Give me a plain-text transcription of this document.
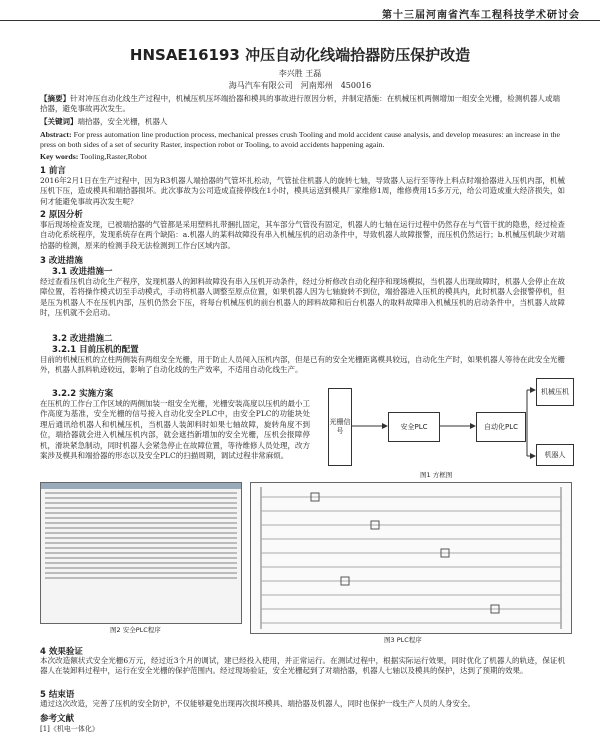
第十三届河南省汽车工程科技学术研讨会
HNSAE16193 冲压自动化线端拾器防压保护改造
李兴胜 王磊
海马汽车有限公司　河南郑州　450016
【摘要】针对冲压自动化线生产过程中，机械压机压坏端拾器和模具的事故进行原因分析，并制定措施：在机械压机两侧增加一组安全光栅，检测机器人或端拾器，避免事故再次发生。
【关键词】端拾器，安全光栅，机器人
Abstract: For press automation line production process, mechanical presses crush Tooling and mold accident cause analysis, and develop measures: an increase in the press on both sides of a set of security Raster, inspection robot or Tooling, to avoid accidents happening again.
Key words: Tooling,Raster,Robot
1 前言
2016年2月1日在生产过程中，因为R3机器人端拾器的气管坏扎松动，气管扯住机器人的旋转七轴，导致器人运行至等待上料点时端拾器进入压机内部，机械压机下压，造成模具和端拾器损坏。此次事故为公司造成直接停线在1小时，模具运送到模具厂家维修1周，维修费用15多万元，给公司造成重大经济损失，如何才能避免事故再次发生呢？
2 原因分析
事后现场检查发现，已被端拾器的气管都是采用塑料扎带捆扎固定，其车部分气管没有固定，机器人的七轴在运行过程中仍然存在与气管干扰的隐患，经过检查自动化系统程序，发现系统存在两个缺陷：a.机器人的某料故障没有串入机械压机的启动条件中，导致机器人故障报警，而压机仍然运行；b.机械压机缺少对端拾器的检测，原来的检测手段无法检测到工作台区域内部。
3 改进措施
3.1 改进措施一
经过查看压机自动化生产程序，发现机器人的卸料故障没有串入压机开动条件，经过分析修改自动化程序和现场模拟，当机器人出现故障时，机器人会停止在故障位置，若将操作模式切至手动模式，手动将机器人调整至原点位置，如果机器人因为七轴旋转不到位，端拾器进入压机的模具内，此时机器人会报警停机，但是压为机器人不在压机内部，压机仍然会下压，将每台机械压机的前台机器人的卸料故障和后台机器人的取料故障串入机械压机的启动条件中，当机器人故障时，压机就不会启动。
3.2 改进措施二
3.2.1 目前压机的配置
目前的机械压机的立柱两侧装有两组安全光栅，用于防止人员闯入压机内部，但是已有的安全光栅距离模具较远，自动化生产时，如果机器人等待在此安全光栅外，机器人抓料轨迹较远，影响了自动化线的生产效率，不适用自动化线生产。
3.2.2 实施方案
在压机的工作台工作区域的两侧加装一组安全光栅，光栅安装高度以压机的最小工作高度为基准，安全光栅的信号接入自动化安全PLC中，由安全PLC的功能块处理后通讯给机器人和机械压机，当机器人装卸料时如果七轴故障，旋转角度不到位，端拾器就会进入机械压机内部，就会遮挡新增加的安全光栅，压机会报障停机，滑块紧急制动，同时机器人会紧急停止在故障位置，等待维修人员处理，改方案涉及模具和端拾器的形态以及安全PLC的扫描周期，调试过程非常麻烦。
光栅信号
安全PLC	自动化PLC
机械压机
机器人
图1 方框图
图2 安全PLC程序
图3 PLC程序
4 效果验证
本次改造额状式安全光栅6万元，经过近3个月的调试，建已经投入使用，并正常运行。在测试过程中，根据实际运行效果，同时优化了机器人的轨迹，保证机器人在装卸料过程中，运行在安全光栅的保护范围内。经过现场验证，安全光栅起到了对端拾器，机器人七轴以及模具的保护，达到了预期的效果。
5 结束语
通过这次改造，完善了压机的安全防护，不仅能够避免出现再次损坏模具、端拾器及机器人，同时也保护一线生产人员的人身安全。
参考文献
[1]《机电一体化》
